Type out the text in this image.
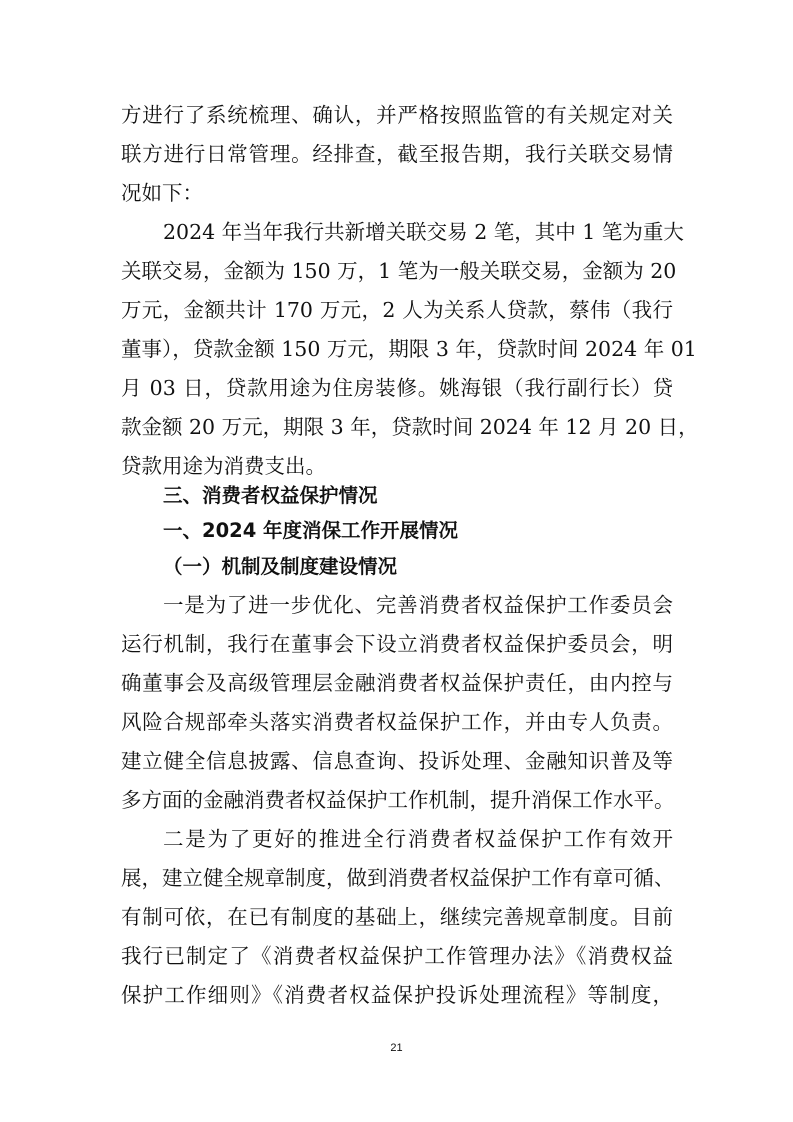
方进行了系统梳理、确认，并严格按照监管的有关规定对关
联方进行日常管理。经排查，截至报告期，我行关联交易情
况如下：
2024 年当年我行共新增关联交易 2 笔，其中 1 笔为重大
关联交易，金额为 150 万，1 笔为一般关联交易，金额为 20
万元，金额共计 170 万元，2 人为关系人贷款，蔡伟（我行
董事），贷款金额 150 万元，期限 3 年，贷款时间 2024 年 01
月 03 日，贷款用途为住房装修。姚海银（我行副行长）贷
款金额 20 万元，期限 3 年，贷款时间 2024 年 12 月 20 日，
贷款用途为消费支出。
三、消费者权益保护情况
一、2024 年度消保工作开展情况
（一）机制及制度建设情况
一是为了进一步优化、完善消费者权益保护工作委员会
运行机制，我行在董事会下设立消费者权益保护委员会，明
确董事会及高级管理层金融消费者权益保护责任，由内控与
风险合规部牵头落实消费者权益保护工作，并由专人负责。
建立健全信息披露、信息查询、投诉处理、金融知识普及等
多方面的金融消费者权益保护工作机制，提升消保工作水平。
二是为了更好的推进全行消费者权益保护工作有效开
展，建立健全规章制度，做到消费者权益保护工作有章可循、
有制可依，在已有制度的基础上，继续完善规章制度。目前
我行已制定了《消费者权益保护工作管理办法》《消费权益
保护工作细则》《消费者权益保护投诉处理流程》等制度，
21
